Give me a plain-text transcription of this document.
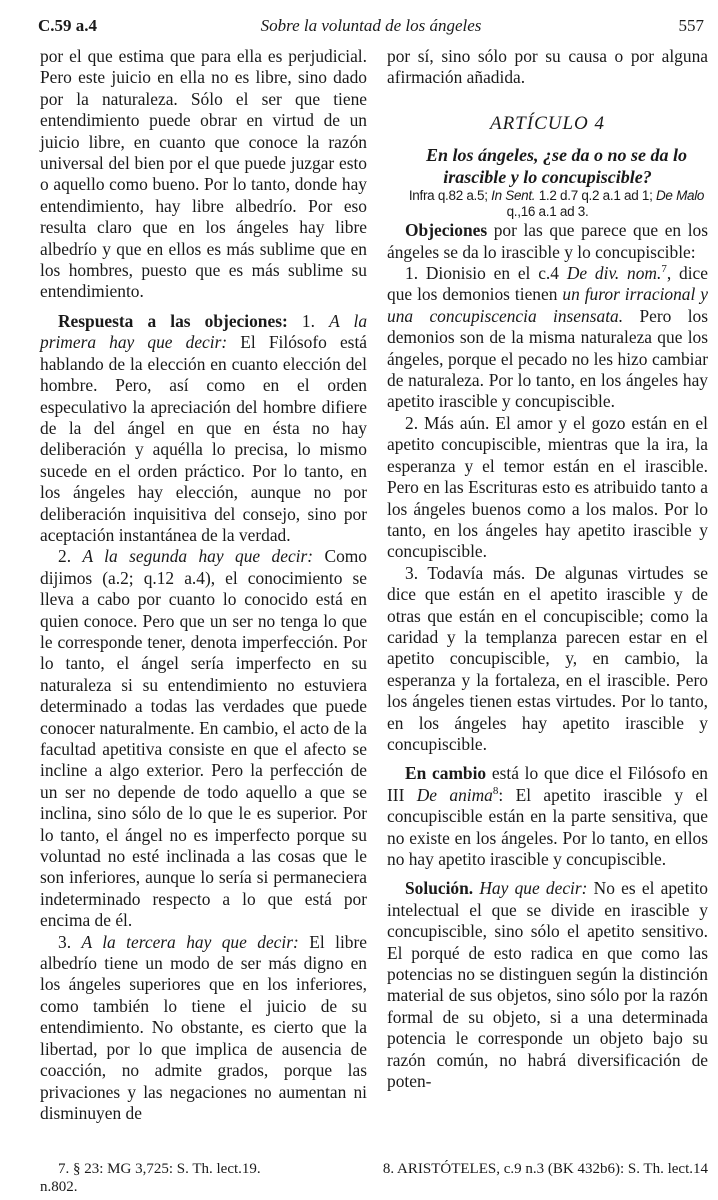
Sobre la voluntad de los ángeles
C.59 a.4	557

por el que estima que para ella es perjudicial. Pero este juicio en ella no es libre, sino dado por la naturaleza. Sólo el ser que tiene entendimiento puede obrar en virtud de un juicio libre, en cuanto que conoce la razón universal del bien por el que puede juzgar esto o aquello como bueno. Por lo tanto, donde hay entendimiento, hay libre albedrío. Por eso resulta claro que en los ángeles hay libre albedrío y que en ellos es más sublime que en los hombres, puesto que es más sublime su entendimiento.

Respuesta a las objeciones: 1. A la primera hay que decir: El Filósofo está hablando de la elección en cuanto elección del hombre. Pero, así como en el orden especulativo la apreciación del hombre difiere de la del ángel en que en ésta no hay deliberación y aquélla lo precisa, lo mismo sucede en el orden práctico. Por lo tanto, en los ángeles hay elección, aunque no por deliberación inquisitiva del consejo, sino por aceptación instantánea de la verdad.

2. A la segunda hay que decir: Como dijimos (a.2; q.12 a.4), el conocimiento se lleva a cabo por cuanto lo conocido está en quien conoce. Pero que un ser no tenga lo que le corresponde tener, denota imperfección. Por lo tanto, el ángel sería imperfecto en su naturaleza si su entendimiento no estuviera determinado a todas las verdades que puede conocer naturalmente. En cambio, el acto de la facultad apetitiva consiste en que el afecto se incline a algo exterior. Pero la perfección de un ser no depende de todo aquello a que se inclina, sino sólo de lo que le es superior. Por lo tanto, el ángel no es imperfecto porque su voluntad no esté inclinada a las cosas que le son inferiores, aunque lo sería si permaneciera indeterminado respecto a lo que está por encima de él.

3. A la tercera hay que decir: El libre albedrío tiene un modo de ser más digno en los ángeles superiores que en los inferiores, como también lo tiene el juicio de su entendimiento. No obstante, es cierto que la libertad, por lo que implica de ausencia de coacción, no admite grados, porque las privaciones y las negaciones no aumentan ni disminuyen de

por sí, sino sólo por su causa o por alguna afirmación añadida.

ARTÍCULO 4

En los ángeles, ¿se da o no se da lo irascible y lo concupiscible?

Infra q.82 a.5; In Sent. 1.2 d.7 q.2 a.1 ad 1; De Malo q.,16 a.1 ad 3.

Objeciones por las que parece que en los ángeles se da lo irascible y lo concupiscible:

1. Dionisio en el c.4 De div. nom.$^7$, dice que los demonios tienen un furor irracional y una concupiscencia insensata. Pero los demonios son de la misma naturaleza que los ángeles, porque el pecado no les hizo cambiar de naturaleza. Por lo tanto, en los ángeles hay apetito irascible y concupiscible.

2. Más aún. El amor y el gozo están en el apetito concupiscible, mientras que la ira, la esperanza y el temor están en el irascible. Pero en las Escrituras esto es atribuido tanto a los ángeles buenos como a los malos. Por lo tanto, en los ángeles hay apetito irascible y concupiscible.

3. Todavía más. De algunas virtudes se dice que están en el apetito irascible y de otras que están en el concupiscible; como la caridad y la templanza parecen estar en el apetito concupiscible, y, en cambio, la esperanza y la fortaleza, en el irascible. Pero los ángeles tienen estas virtudes. Por lo tanto, en los ángeles hay apetito irascible y concupiscible.

En cambio está lo que dice el Filósofo en III De anima$^8$: El apetito irascible y el concupiscible están en la parte sensitiva, que no existe en los ángeles. Por lo tanto, en ellos no hay apetito irascible y concupiscible.

Solución. Hay que decir: No es el apetito intelectual el que se divide en irascible y concupiscible, sino sólo el apetito sensitivo. El porqué de esto radica en que como las potencias no se distinguen según la distinción material de sus objetos, sino sólo por la razón formal de su objeto, si a una determinada potencia le corresponde un objeto bajo su razón común, no habrá diversificación de poten-

7. § 23: MG 3,725: S. Th. lect.19.	8. ARISTÓTELES, c.9 n.3 (BK 432b6): S. Th. lect.14
n.802.
